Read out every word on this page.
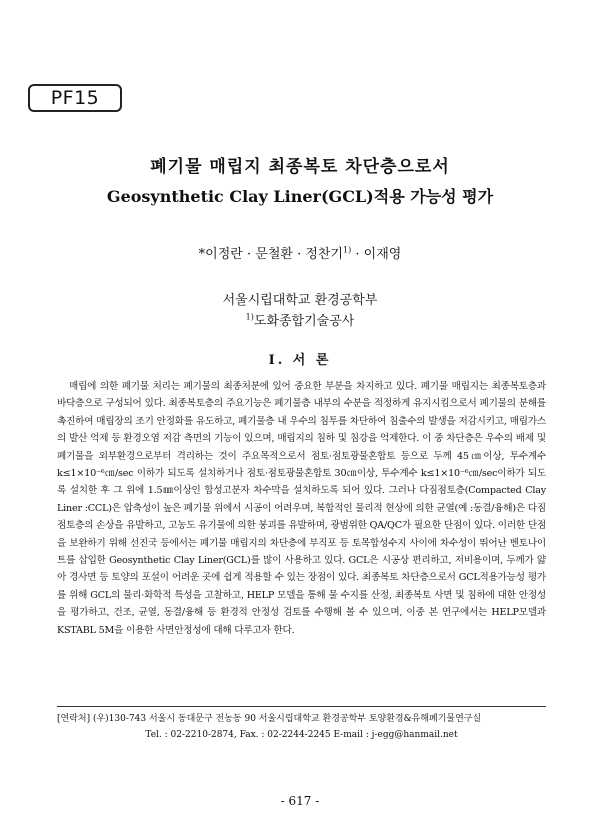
PF15
폐기물 매립지 최종복토 차단층으로서
Geosynthetic Clay Liner(GCL)적용 가능성 평가
*이정란 · 문철환 · 정찬기$^{1)}$ · 이재영
서울시립대학교 환경공학부
$^{1)}$도화종합기술공사
I. 서 론

매립에 의한 폐기물 처리는 폐기물의 최종처분에 있어 중요한 부분을 차지하고 있다. 폐기물 매립지는 최종복토층과 바닥층으로 구성되어 있다. 최종복토층의 주요기능은 폐기물층 내부의 수분을 적정하게 유지시킴으로서 폐기물의 분해를 촉진하여 매립장의 조기 안정화를 유도하고, 폐기물층 내 우수의 침투를 차단하여 침출수의 발생을 저감시키고, 매립가스의 발산 억제 등 환경오염 저감 측면의 기능이 있으며, 매립지의 침하 및 침강을 억제한다. 이 중 차단층은 우수의 배제 및 폐기물을 외부환경으로부터 격리하는 것이 주요목적으로서 점토·점토광물혼합토 등으로 두께 45㎝이상, 투수계수 k≤1×10⁻⁶㎝/sec 이하가 되도록 설치하거나 점토·점토광물혼합토 30㎝이상, 투수계수 k≤1×10⁻⁶㎝/sec이하가 되도록 설치한 후 그 위에 1.5㎜이상인 합성고분자 차수막을 설치하도록 되어 있다. 그러나 다짐점토층(Compacted Clay Liner :CCL)은 압축성이 높은 폐기물 위에서 시공이 어려우며, 복합적인 물리적 현상에 의한 균열(예 :동결/융해)은 다짐점토층의 손상을 유발하고, 고농도 유기물에 의한 붕괴를 유발하며, 광범위한 QA/QC가 필요한 단점이 있다. 이러한 단점을 보완하기 위해 선진국 등에서는 폐기물 매립지의 차단층에 부직포 등 토목합성수지 사이에 차수성이 뛰어난 벤토나이트를 삽입한 Geosynthetic Clay Liner(GCL)를 많이 사용하고 있다. GCL은 시공상 편리하고, 저비용이며, 두께가 얇아 경사면 등 토양의 포설이 어려운 곳에 쉽게 적용할 수 있는 장점이 있다. 최종복토 차단층으로서 GCL적용가능성 평가를 위해 GCL의 물리·화학적 특성을 고찰하고, HELP 모델을 통해 물 수지를 산정, 최종복토 사면 및 침하에 대한 안정성을 평가하고, 건조, 균열, 동결/융해 등 환경적 안정성 검토를 수행해 볼 수 있으며, 이중 본 연구에서는 HELP모델과 KSTABL 5M을 이용한 사면안정성에 대해 다루고자 한다.

[연락처] (우)130-743 서울시 동대문구 전농동 90 서울시립대학교 환경공학부 토양환경&유해폐기물연구실
Tel. : 02-2210-2874, Fax. : 02-2244-2245 E-mail : j-egg@hanmail.net
- 617 -
